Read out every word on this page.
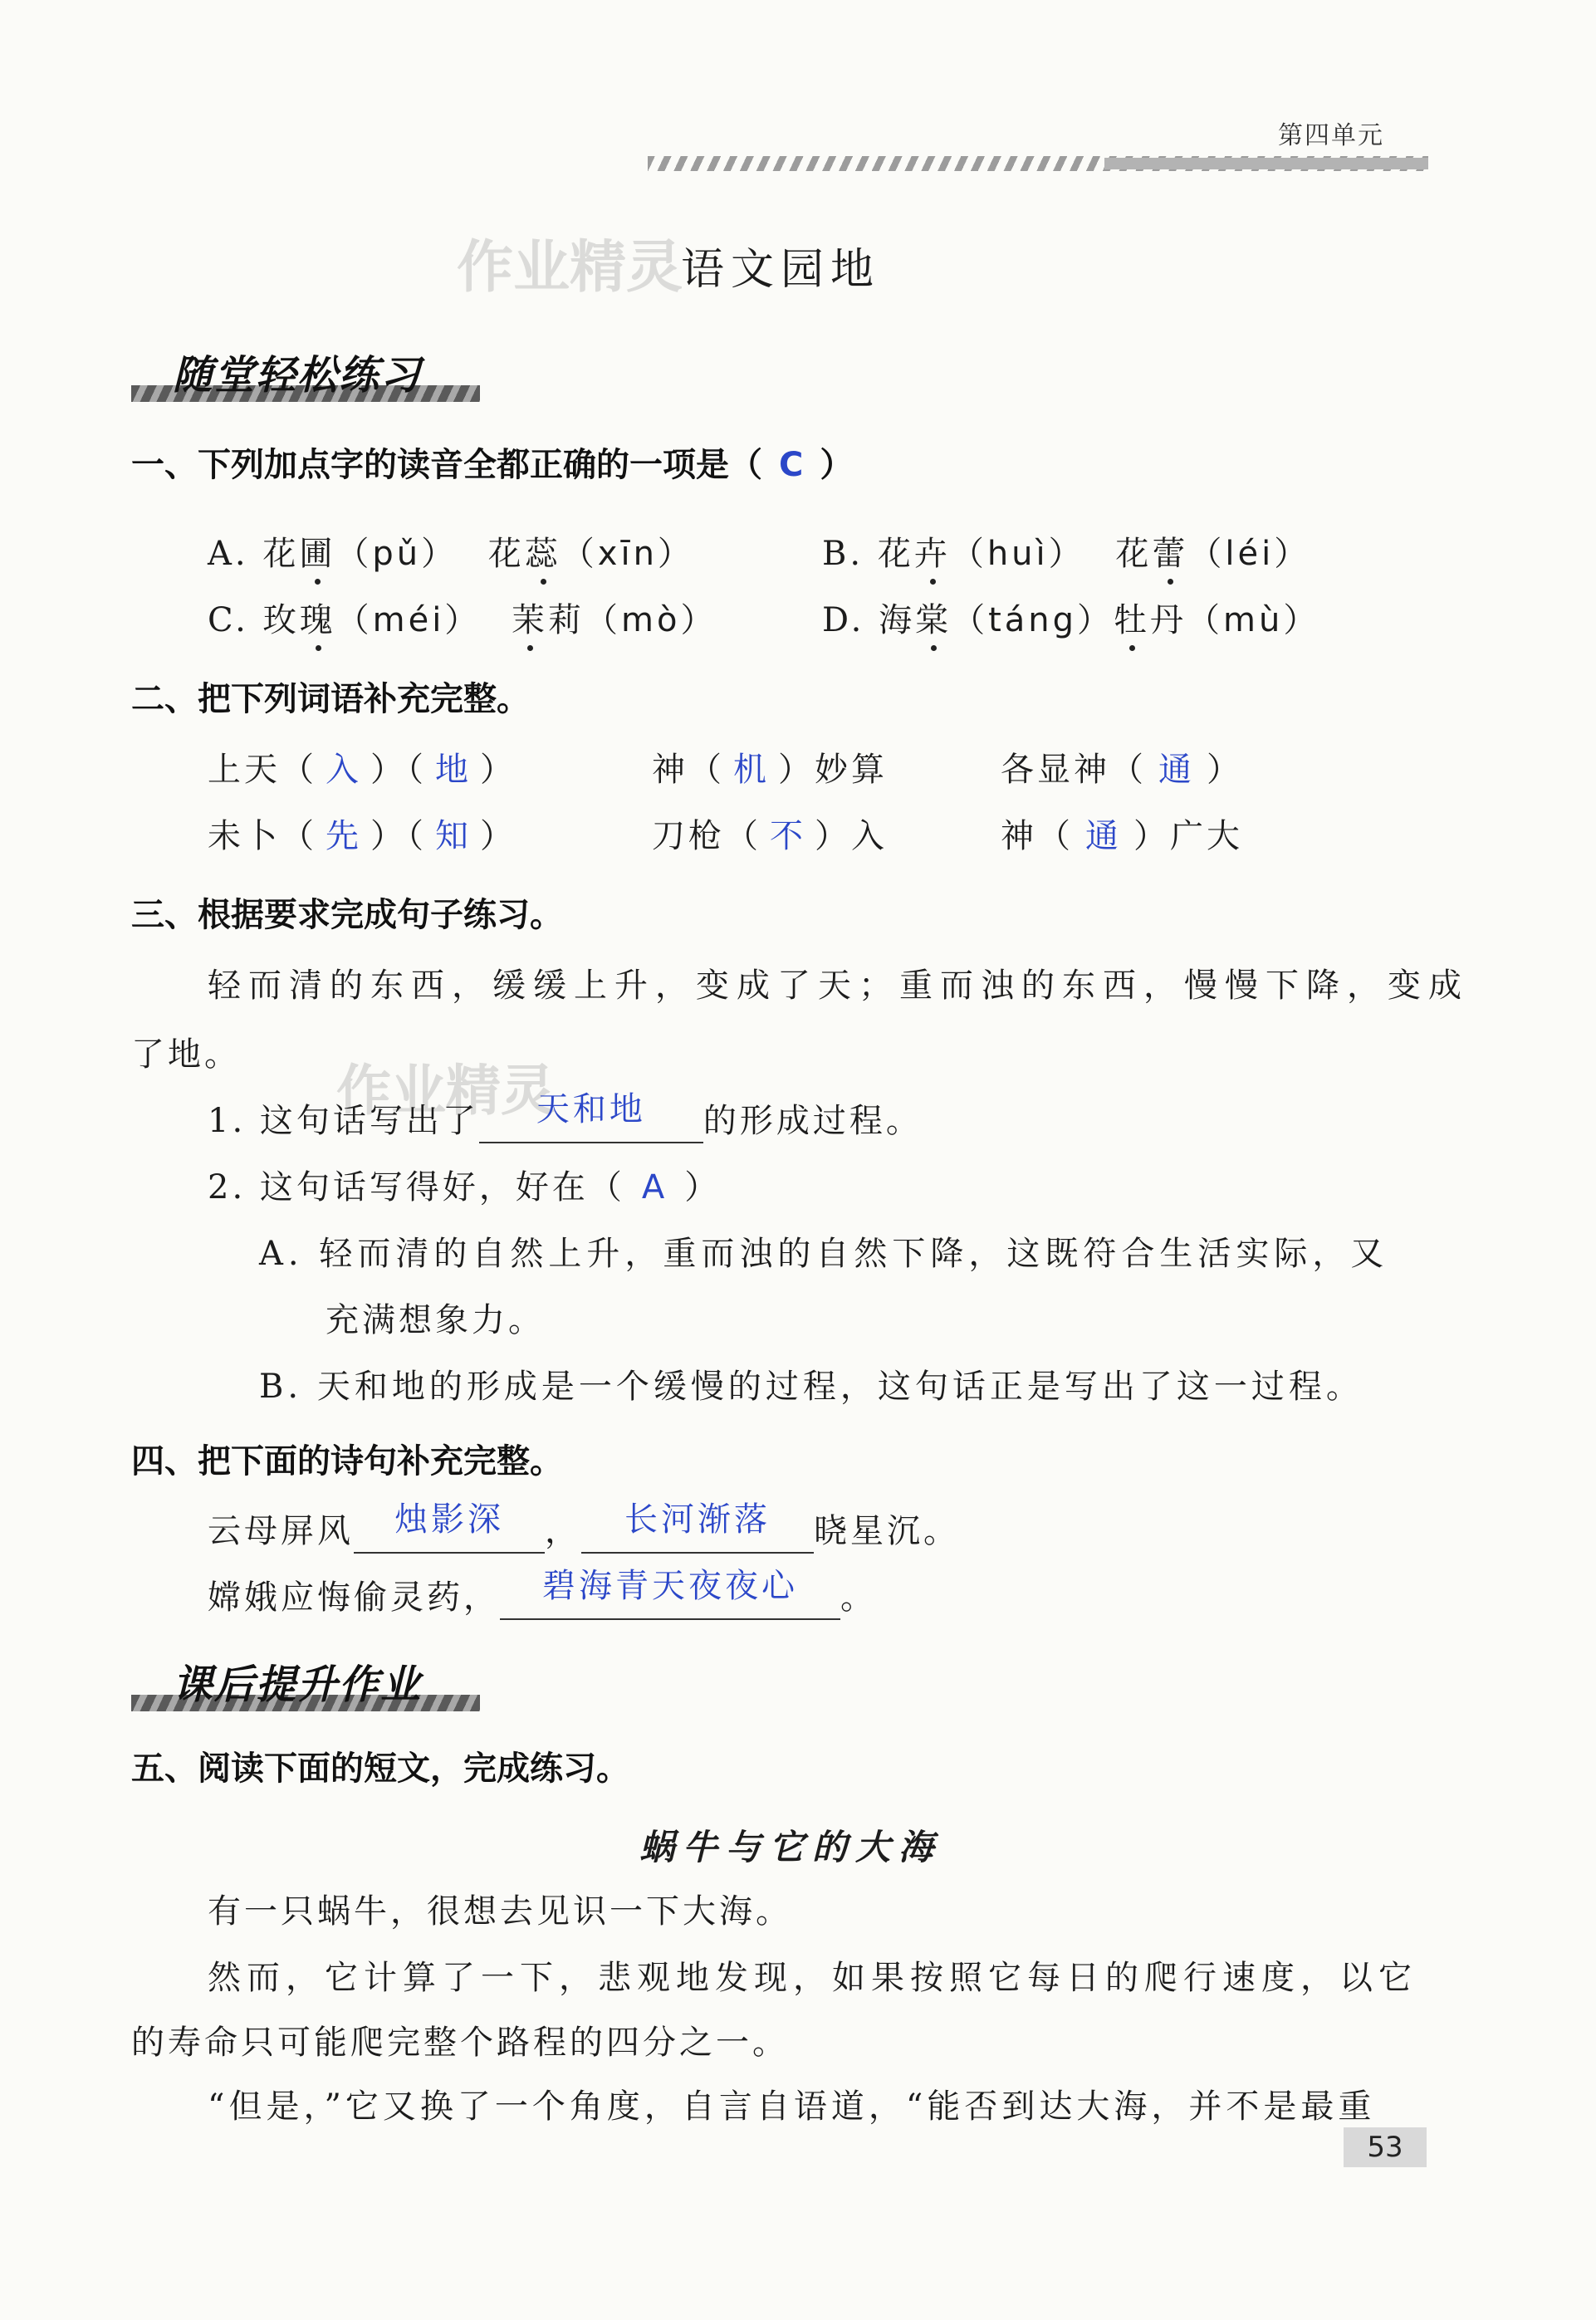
第四单元
作业精灵
语文园地
随堂轻松练习
一、下列加点字的读音全都正确的一项是（ C ）
A. 花圃（pǔ） 花蕊（xīn）	B. 花卉（huì） 花蕾（léi）
C. 玫瑰（méi） 茉莉（mò）	D. 海棠（táng）牡丹（mù）
二、把下列词语补充完整。
上天（ 入 ）（ 地 ）	神（ 机 ）妙算	各显神（ 通 ）
未卜（ 先 ）（ 知 ）	刀枪（ 不 ）入	神（ 通 ）广大
三、根据要求完成句子练习。
轻而清的东西，缓缓上升，变成了天；重而浊的东西，慢慢下降，变成
了地。
作业精灵
1. 这句话写出了 天和地 的形成过程。
2. 这句话写得好，好在（ A ）
A. 轻而清的自然上升，重而浊的自然下降，这既符合生活实际，又
充满想象力。
B. 天和地的形成是一个缓慢的过程，这句话正是写出了这一过程。
四、把下面的诗句补充完整。
云母屏风 烛影深 ， 长河渐落 晓星沉。
嫦娥应悔偷灵药， 碧海青天夜夜心 。
课后提升作业
五、阅读下面的短文，完成练习。
蜗牛与它的大海
有一只蜗牛，很想去见识一下大海。
然而，它计算了一下，悲观地发现，如果按照它每日的爬行速度，以它
的寿命只可能爬完整个路程的四分之一。
“但是，”它又换了一个角度，自言自语道，“能否到达大海，并不是最重
53
